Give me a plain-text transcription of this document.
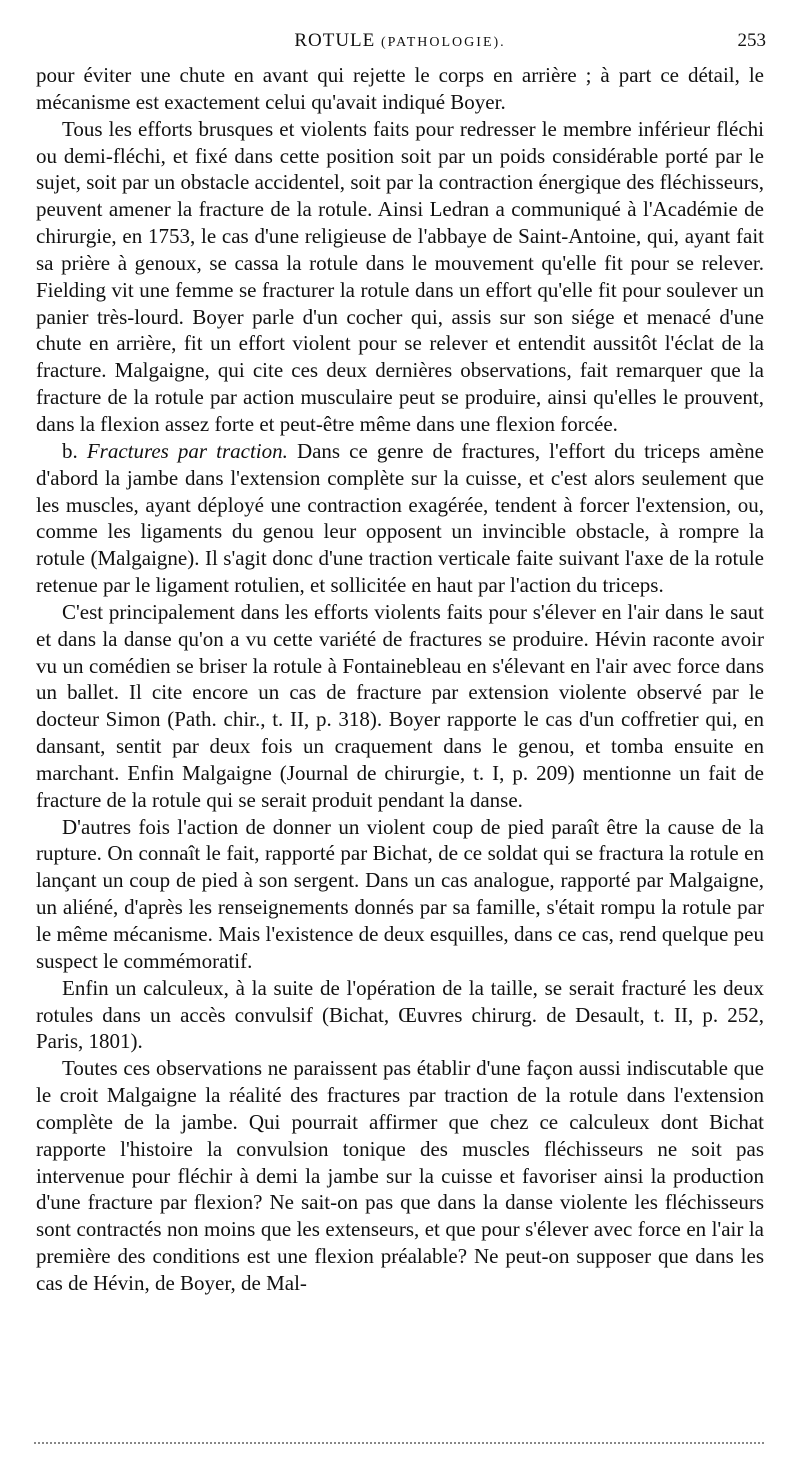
ROTULE (PATHOLOGIE).	253

pour éviter une chute en avant qui rejette le corps en arrière ; à part ce détail, le mécanisme est exactement celui qu'avait indiqué Boyer.

Tous les efforts brusques et violents faits pour redresser le membre inférieur fléchi ou demi-fléchi, et fixé dans cette position soit par un poids considérable porté par le sujet, soit par un obstacle accidentel, soit par la contraction énergique des fléchisseurs, peuvent amener la fracture de la rotule. Ainsi Ledran a communiqué à l'Académie de chirurgie, en 1753, le cas d'une religieuse de l'abbaye de Saint-Antoine, qui, ayant fait sa prière à genoux, se cassa la rotule dans le mouvement qu'elle fit pour se relever. Fielding vit une femme se fracturer la rotule dans un effort qu'elle fit pour soulever un panier très-lourd. Boyer parle d'un cocher qui, assis sur son siége et menacé d'une chute en arrière, fit un effort violent pour se relever et entendit aussitôt l'éclat de la fracture. Malgaigne, qui cite ces deux dernières observations, fait remarquer que la fracture de la rotule par action musculaire peut se produire, ainsi qu'elles le prouvent, dans la flexion assez forte et peut-être même dans une flexion forcée.

b. Fractures par traction. Dans ce genre de fractures, l'effort du triceps amène d'abord la jambe dans l'extension complète sur la cuisse, et c'est alors seulement que les muscles, ayant déployé une contraction exagérée, tendent à forcer l'extension, ou, comme les ligaments du genou leur opposent un invincible obstacle, à rompre la rotule (Malgaigne). Il s'agit donc d'une traction verticale faite suivant l'axe de la rotule retenue par le ligament rotulien, et sollicitée en haut par l'action du triceps.

C'est principalement dans les efforts violents faits pour s'élever en l'air dans le saut et dans la danse qu'on a vu cette variété de fractures se produire. Hévin raconte avoir vu un comédien se briser la rotule à Fontainebleau en s'élevant en l'air avec force dans un ballet. Il cite encore un cas de fracture par extension violente observé par le docteur Simon (Path. chir., t. II, p. 318). Boyer rapporte le cas d'un coffretier qui, en dansant, sentit par deux fois un craquement dans le genou, et tomba ensuite en marchant. Enfin Malgaigne (Journal de chirurgie, t. I, p. 209) mentionne un fait de fracture de la rotule qui se serait produit pendant la danse.

D'autres fois l'action de donner un violent coup de pied paraît être la cause de la rupture. On connaît le fait, rapporté par Bichat, de ce soldat qui se fractura la rotule en lançant un coup de pied à son sergent. Dans un cas analogue, rapporté par Malgaigne, un aliéné, d'après les renseignements donnés par sa famille, s'était rompu la rotule par le même mécanisme. Mais l'existence de deux esquilles, dans ce cas, rend quelque peu suspect le commémoratif.

Enfin un calculeux, à la suite de l'opération de la taille, se serait fracturé les deux rotules dans un accès convulsif (Bichat, Œuvres chirurg. de Desault, t. II, p. 252, Paris, 1801).

Toutes ces observations ne paraissent pas établir d'une façon aussi indiscutable que le croit Malgaigne la réalité des fractures par traction de la rotule dans l'extension complète de la jambe. Qui pourrait affirmer que chez ce calculeux dont Bichat rapporte l'histoire la convulsion tonique des muscles fléchisseurs ne soit pas intervenue pour fléchir à demi la jambe sur la cuisse et favoriser ainsi la production d'une fracture par flexion? Ne sait-on pas que dans la danse violente les fléchisseurs sont contractés non moins que les extenseurs, et que pour s'élever avec force en l'air la première des conditions est une flexion préalable? Ne peut-on supposer que dans les cas de Hévin, de Boyer, de Mal-
